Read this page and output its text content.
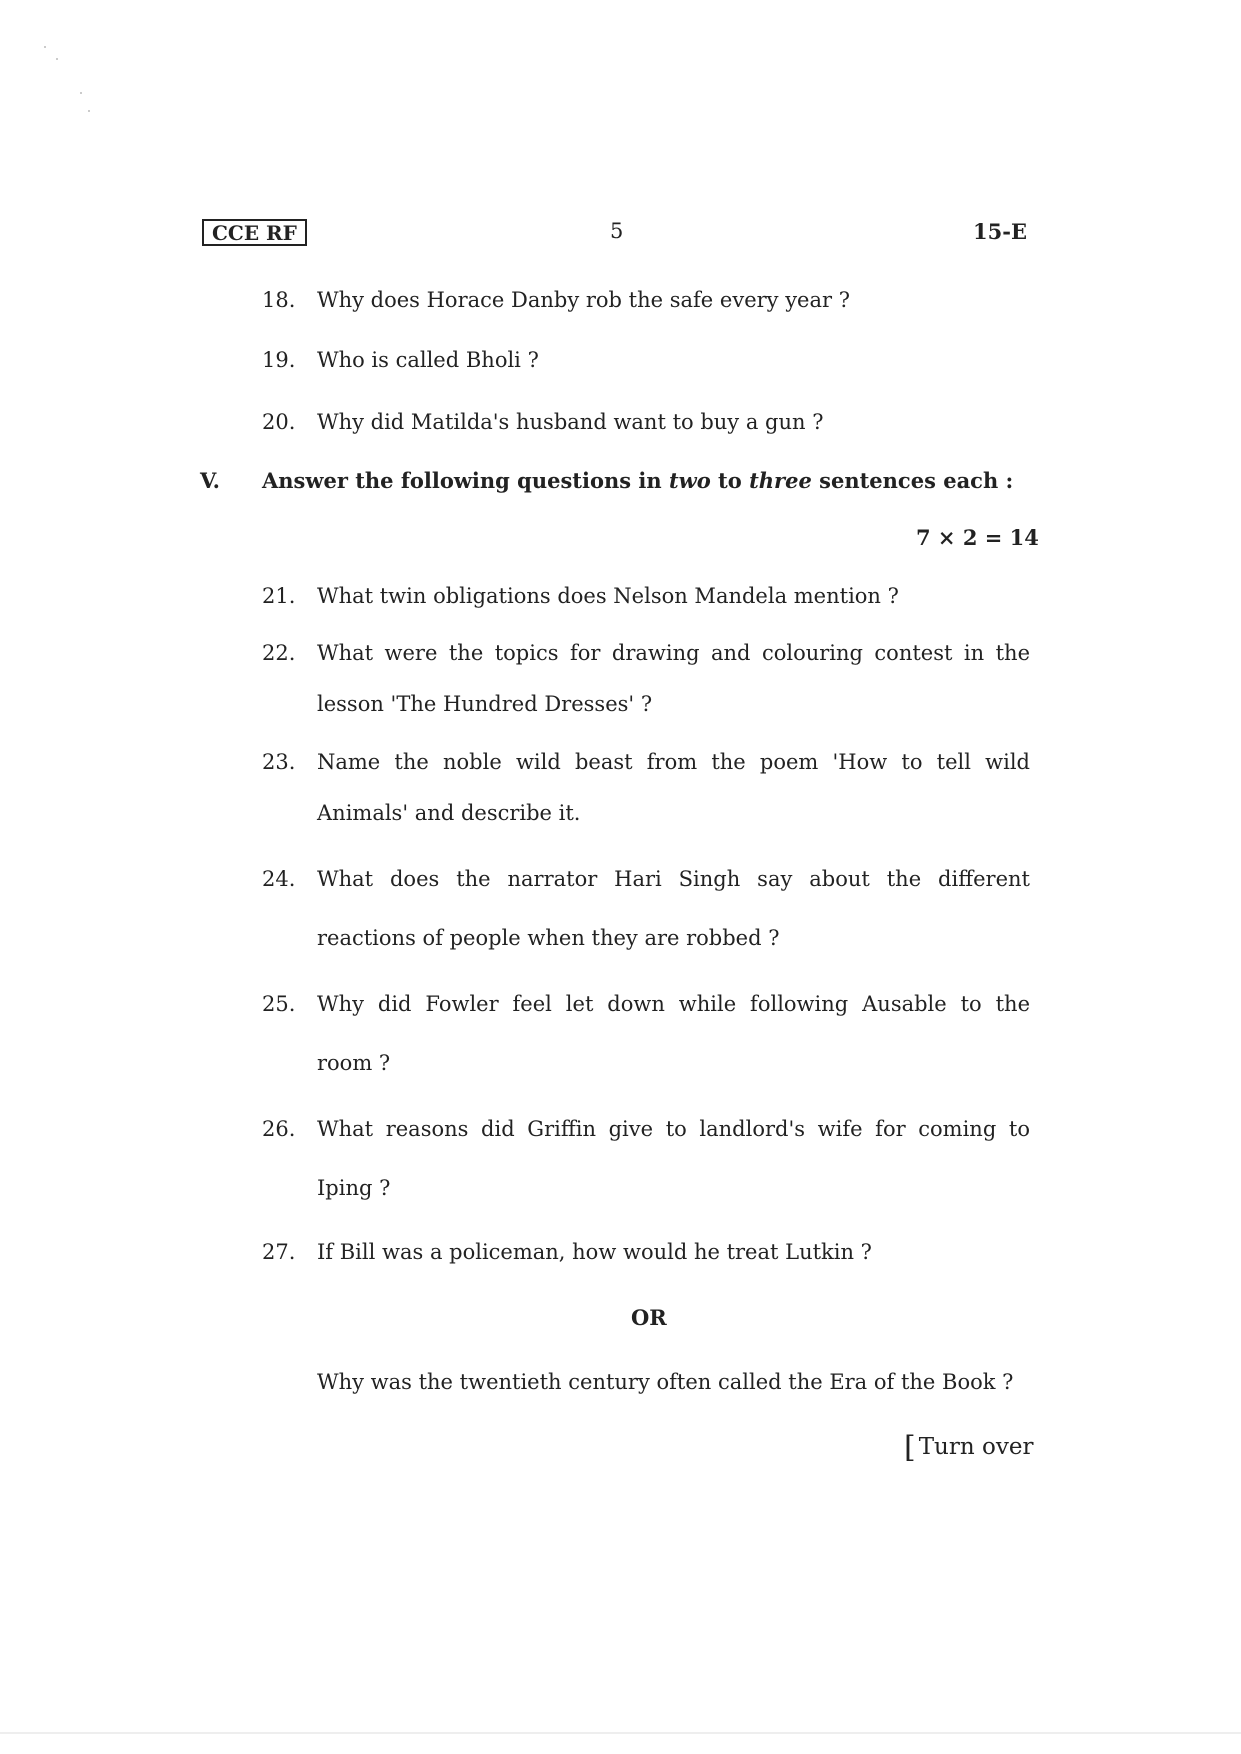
CCE RF	5	15-E
18. Why does Horace Danby rob the safe every year ?
19. Who is called Bholi ?
20. Why did Matilda's husband want to buy a gun ?
V. Answer the following questions in two to three sentences each :
7 × 2 = 14
21. What twin obligations does Nelson Mandela mention ?
22. What were the topics for drawing and colouring contest in the
lesson 'The Hundred Dresses' ?
23. Name the noble wild beast from the poem 'How to tell wild
Animals' and describe it.
24. What does the narrator Hari Singh say about the different
reactions of people when they are robbed ?
25. Why did Fowler feel let down while following Ausable to the
room ?
26. What reasons did Griffin give to landlord's wife for coming to
Iping ?
27. If Bill was a policeman, how would he treat Lutkin ?
OR
Why was the twentieth century often called the Era of the Book ?
[ Turn over
